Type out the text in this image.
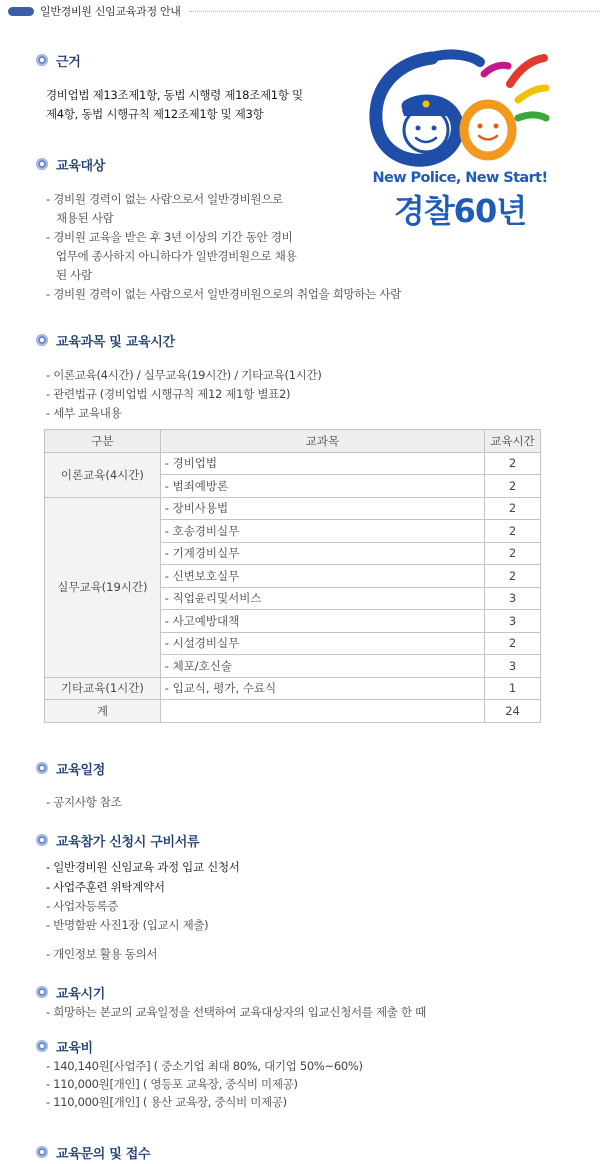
일반경비원 신임교육과정 안내
New Police, New Start!
경찰60년
근거
경비업법 제13조제1항, 동법 시행령 제18조제1항 및
제4항, 동법 시행규칙 제12조제1항 및 제3항
교육대상
- 경비원 경력이 없는 사람으로서 일반경비원으로
채용된 사람
- 경비원 교육을 받은 후 3년 이상의 기간 동안 경비
업무에 종사하지 아니하다가 일반경비원으로 채용
된 사람
- 경비원 경력이 없는 사람으로서 일반경비원으로의 취업을 희망하는 사람
교육과목 및 교육시간
- 이론교육(4시간) / 실무교육(19시간) / 기타교육(1시간)
- 관련법규 (경비업법 시행규칙 제12 제1항 별표2)
- 세부 교육내용
구분	교과목	교육시간
이론교육(4시간)	- 경비업법	2
	- 범죄예방론	2
실무교육(19시간)	- 장비사용법	2
	- 호송경비실무	2
	- 기계경비실무	2
	- 신변보호실무	2
	- 직업윤리및서비스	3
	- 사고예방대책	3
	- 시설경비실무	2
	- 체포/호신술	3
기타교육(1시간)	- 입교식, 평가, 수료식	1
계		24
교육일정
- 공지사항 참조
교육참가 신청시 구비서류
- 일반경비원 신임교육 과정 입교 신청서
- 사업주훈련 위탁계약서
- 사업자등록증
- 반명함판 사진1장 (입교시 제출)
- 개인정보 활용 동의서
교육시기
- 희망하는 본교의 교육일정을 선택하여 교육대상자의 입교신청서를 제출 한 때
교육비
- 140,140원[사업주] ( 중소기업 최대 80%, 대기업 50%~60%)
- 110,000원[개인] ( 영등포 교육장, 중식비 미제공)
- 110,000원[개인] ( 용산 교육장, 중식비 미제공)
교육문의 및 접수
